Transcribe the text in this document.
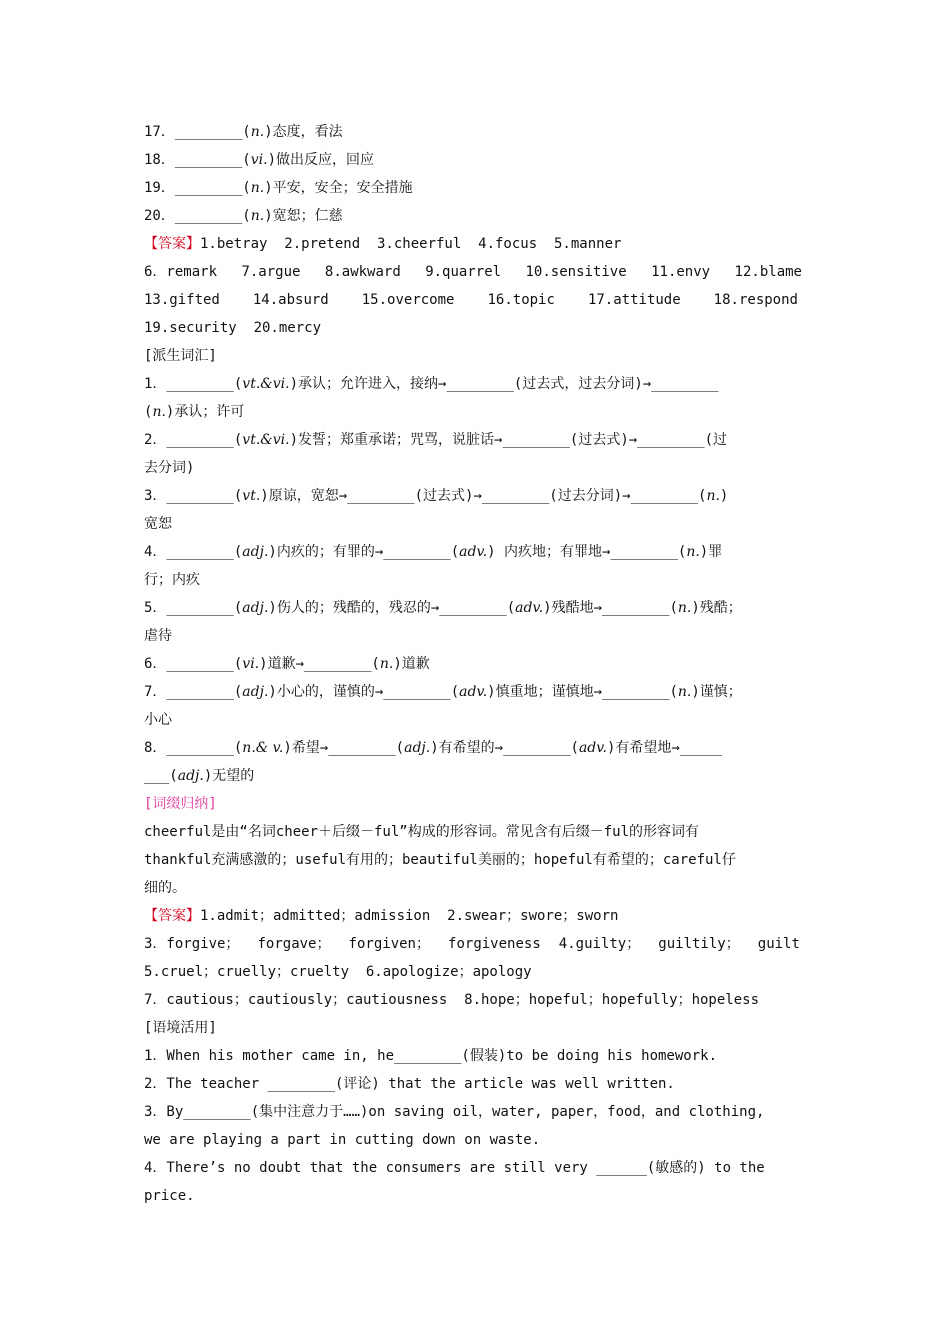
17．________(n.)态度，看法
18．________(vi.)做出反应，回应
19．________(n.)平安，安全；安全措施
20．________(n.)宽恕；仁慈
【答案】1.betray  2.pretend  3.cheerful  4.focus  5.manner
6．remark 7.argue 8.awkward 9.quarrel 10.sensitive 11.envy 12.blame
13.gifted 14.absurd 15.overcome 16.topic 17.attitude 18.respond
19.security  20.mercy
[派生词汇]
1．________(vt.&vi.)承认；允许进入，接纳→________(过去式，过去分词)→________
(n.)承认；许可
2．________(vt.&vi.)发誓；郑重承诺；咒骂，说脏话→________(过去式)→________(过
去分词)
3．________(vt.)原谅，宽恕→________(过去式)→________(过去分词)→________(n.)
宽恕
4．________(adj.)内疚的；有罪的→________(adv.) 内疚地；有罪地→________(n.)罪
行；内疚
5．________(adj.)伤人的；残酷的，残忍的→________(adv.)残酷地→________(n.)残酷；
虐待
6．________(vi.)道歉→________(n.)道歉
7．________(adj.)小心的，谨慎的→________(adv.)慎重地；谨慎地→________(n.)谨慎；
小心
8．________(n.& v.)希望→________(adj.)有希望的→________(adv.)有希望地→_____
___(adj.)无望的
[词缀归纳]
cheerful是由“名词cheer＋后缀－ful”构成的形容词。常见含有后缀－ful的形容词有
thankful充满感激的；useful有用的；beautiful美丽的；hopeful有希望的；careful仔
细的。
【答案】1.admit；admitted；admission  2.swear；swore；sworn
3．forgive； forgave； forgiven； forgiveness 4.guilty； guiltily； guilt
5.cruel；cruelly；cruelty  6.apologize；apology
7．cautious；cautiously；cautiousness  8.hope；hopeful；hopefully；hopeless
[语境活用]
1．When his mother came in, he________(假装)to be doing his homework.
2．The teacher ________(评论) that the article was well written.
3．By________(集中注意力于……)on saving oil，water, paper，food，and clothing,
we are playing a part in cutting down on waste.
4．There’s no doubt that the consumers are still very ______(敏感的) to the
price.
